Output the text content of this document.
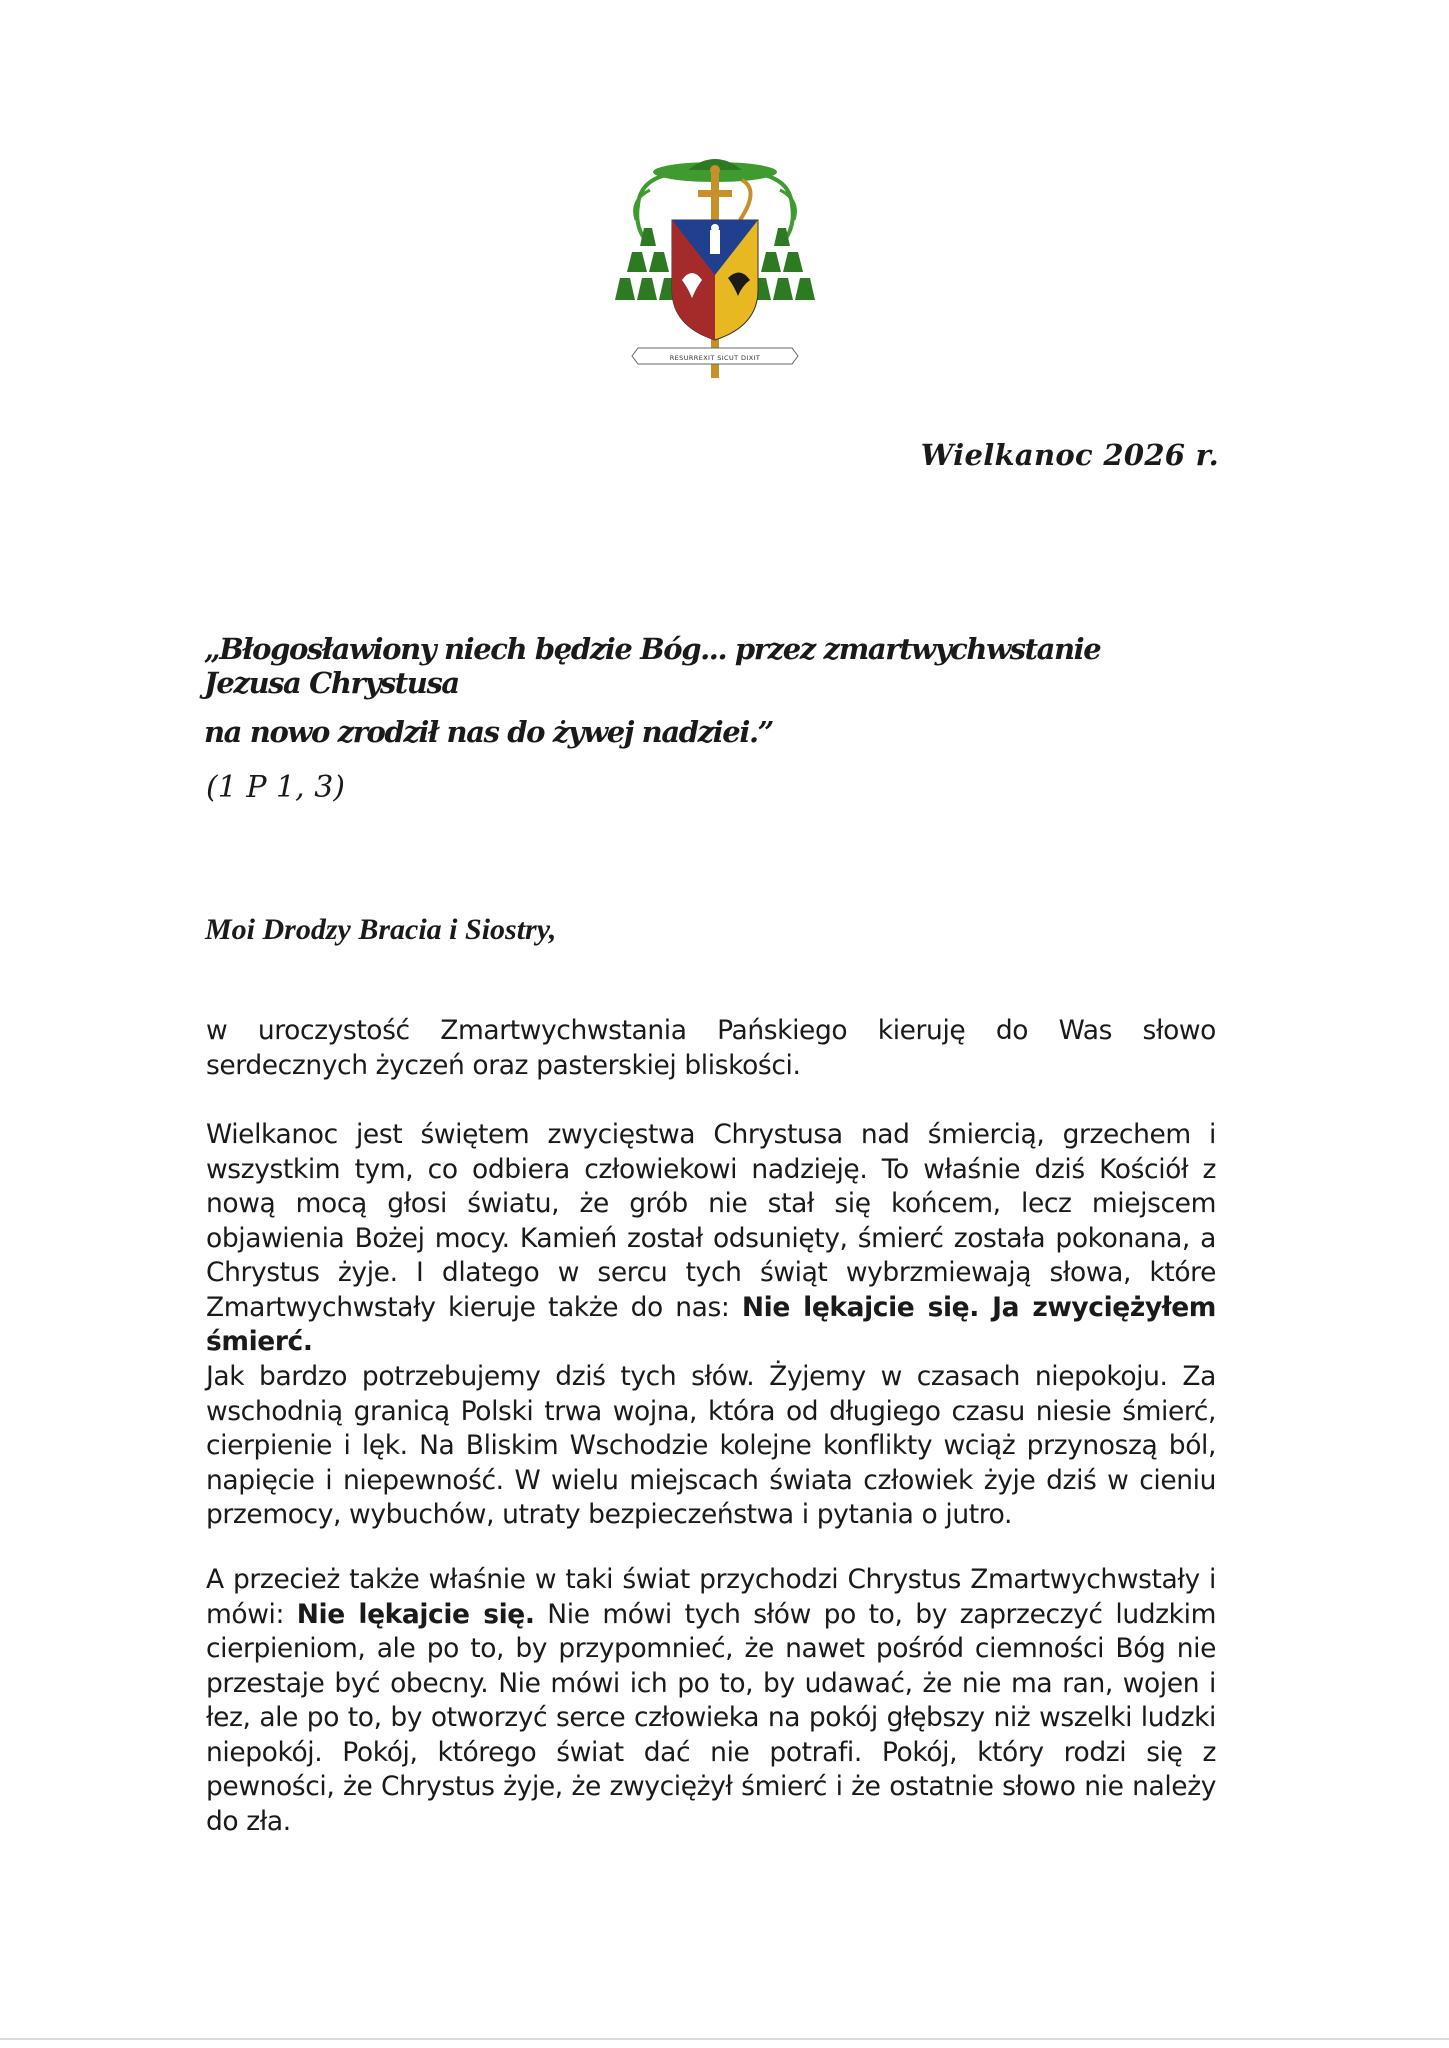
RESURREXIT SICUT DIXIT
Wielkanoc 2026 r.
„Błogosławiony niech będzie Bóg... przez zmartwychwstanie Jezusa Chrystusa
na nowo zrodził nas do żywej nadziei.”
(1 P 1, 3)
Moi Drodzy Bracia i Siostry,
w uroczystość Zmartwychwstania Pańskiego kieruję do Was słowo serdecznych życzeń oraz pasterskiej bliskości.
Wielkanoc jest świętem zwycięstwa Chrystusa nad śmiercią, grzechem i wszystkim tym, co odbiera człowiekowi nadzieję. To właśnie dziś Kościół z nową mocą głosi światu, że grób nie stał się końcem, lecz miejscem objawienia Bożej mocy. Kamień został odsunięty, śmierć została pokonana, a Chrystus żyje. I dlatego w sercu tych świąt wybrzmiewają słowa, które Zmartwychwstały kieruje także do nas: Nie lękajcie się. Ja zwyciężyłem śmierć.
Jak bardzo potrzebujemy dziś tych słów. Żyjemy w czasach niepokoju. Za wschodnią granicą Polski trwa wojna, która od długiego czasu niesie śmierć, cierpienie i lęk. Na Bliskim Wschodzie kolejne konflikty wciąż przynoszą ból, napięcie i niepewność. W wielu miejscach świata człowiek żyje dziś w cieniu przemocy, wybuchów, utraty bezpieczeństwa i pytania o jutro.
A przecież także właśnie w taki świat przychodzi Chrystus Zmartwychwstały i mówi: Nie lękajcie się. Nie mówi tych słów po to, by zaprzeczyć ludzkim cierpieniom, ale po to, by przypomnieć, że nawet pośród ciemności Bóg nie przestaje być obecny. Nie mówi ich po to, by udawać, że nie ma ran, wojen i łez, ale po to, by otworzyć serce człowieka na pokój głębszy niż wszelki ludzki niepokój. Pokój, którego świat dać nie potrafi. Pokój, który rodzi się z pewności, że Chrystus żyje, że zwyciężył śmierć i że ostatnie słowo nie należy do zła.
